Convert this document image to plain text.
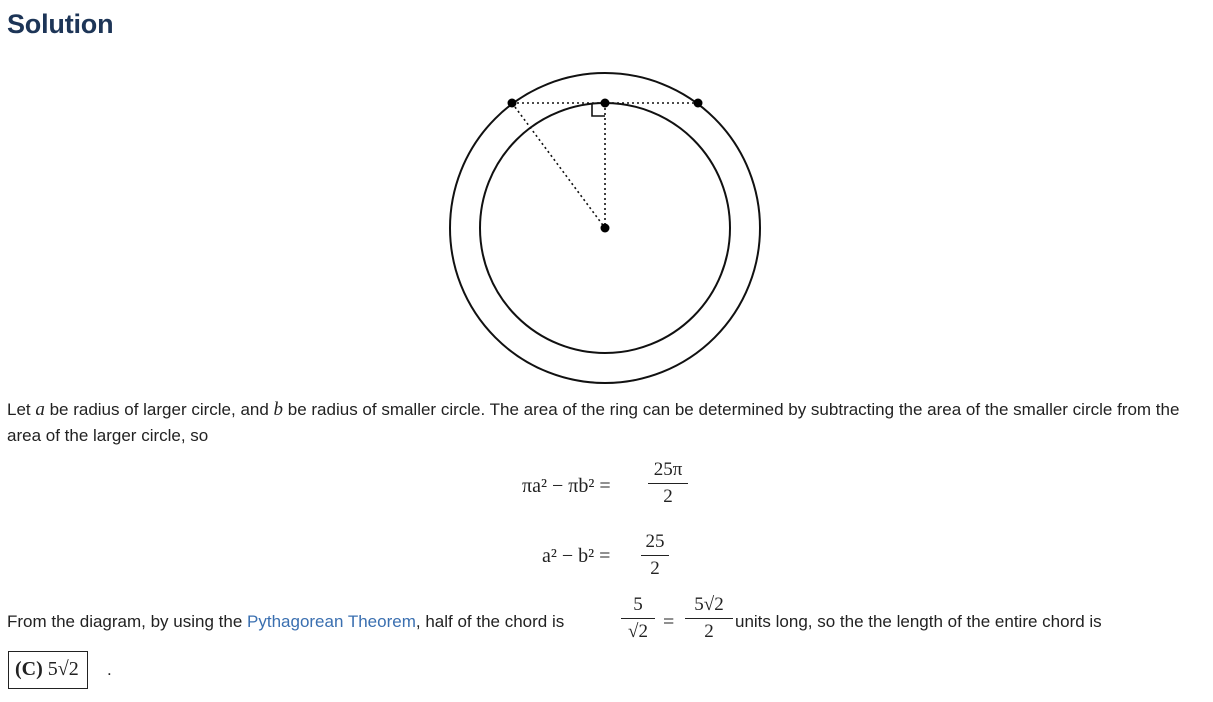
Solution

Let a be radius of larger circle, and b be radius of smaller circle. The area of the ring can be determined by subtracting the area of the smaller circle from the area of the larger circle, so

πa² − πb² =
25π
2
a² − b² =
25
2
From the diagram, by using the Pythagorean Theorem, half of the chord is
5
√2 =
5√2
2	units long, so the the length of the entire chord is
(C) 5√2	.
